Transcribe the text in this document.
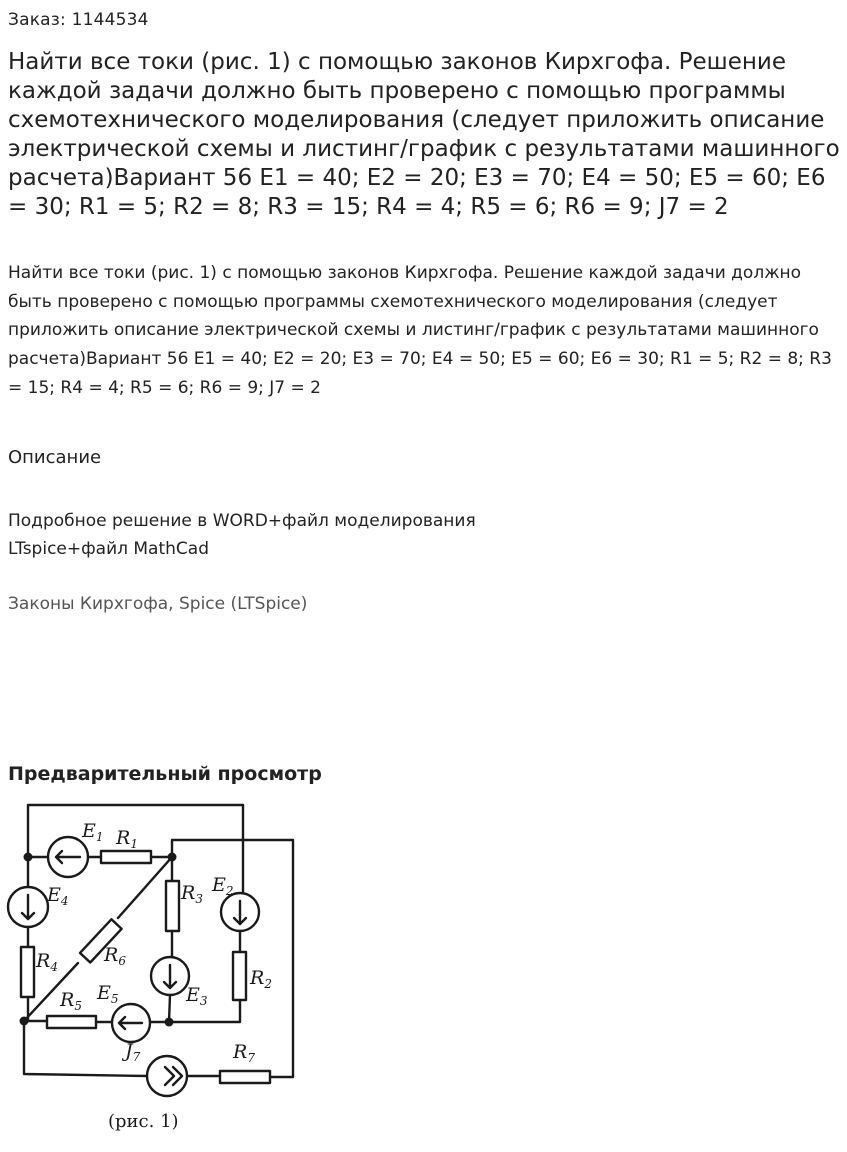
Заказ: 1144534
Найти все токи (рис. 1) с помощью законов Кирхгофа. Решение каждой задачи должно быть проверено с помощью программы схемотехнического моделирования (следует приложить описание электрической схемы и листинг/график с результатами машинного расчета)Вариант 56 E1 = 40; E2 = 20; E3 = 70; E4 = 50; E5 = 60; E6 = 30; R1 = 5; R2 = 8; R3 = 15; R4 = 4; R5 = 6; R6 = 9; J7 = 2

Найти все токи (рис. 1) с помощью законов Кирхгофа. Решение каждой задачи должно быть проверено с помощью программы схемотехнического моделирования (следует приложить описание электрической схемы и листинг/график с результатами машинного расчета)Вариант 56 E1 = 40; E2 = 20; E3 = 70; E4 = 50; E5 = 60; E6 = 30; R1 = 5; R2 = 8; R3 = 15; R4 = 4; R5 = 6; R6 = 9; J7 = 2

Описание
Подробное решение в WORD+файл моделирования
LTspice+файл MathCad
Законы Кирхгофа, Spice (LTSpice)
Предварительный просмотр
$E_1$ $R_1$
$E_2$
$R_3$
$E_4$
$R_4$
$R_6$
$R_2$
$E_3$
$R_5$
$E_5$
$J_7$	$R_7$
(рис. 1)
